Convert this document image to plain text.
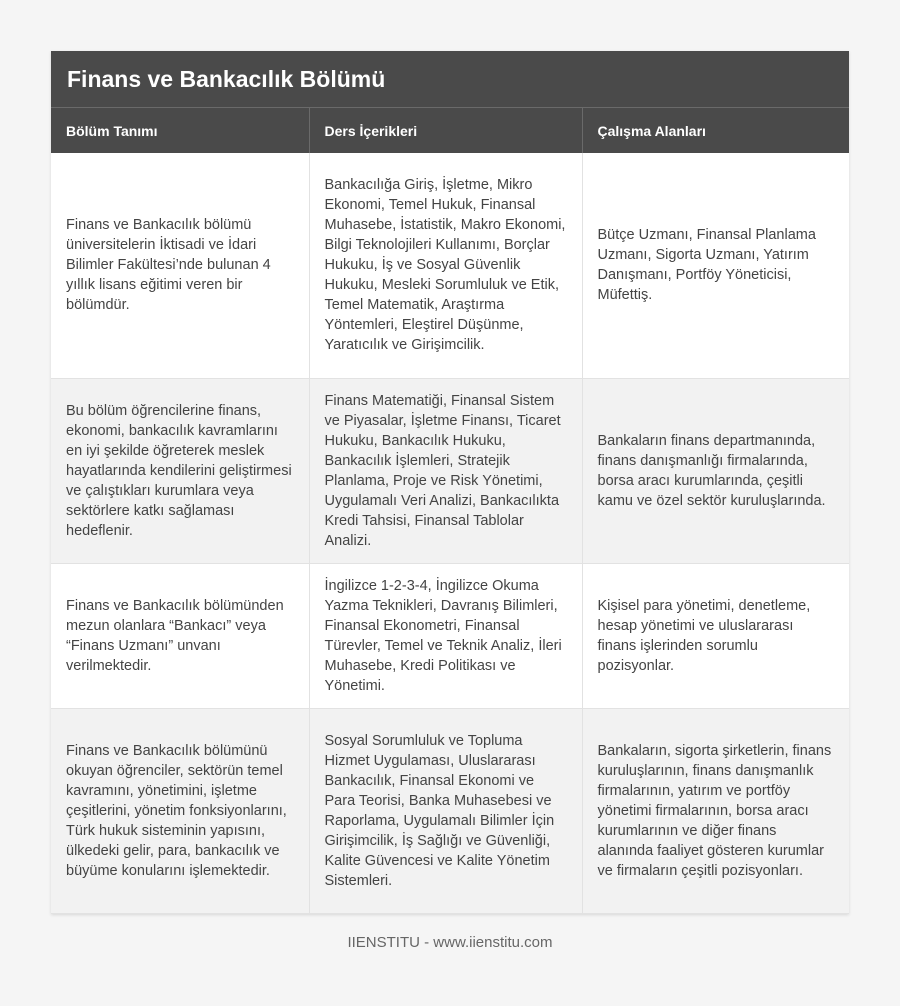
Finans ve Bankacılık Bölümü
Bölüm Tanımı	Ders İçerikleri	Çalışma Alanları
Finans ve Bankacılık bölümü üniversitelerin İktisadi ve İdari Bilimler Fakültesi’nde bulunan 4 yıllık lisans eğitimi veren bir bölümdür.	Bankacılığa Giriş, İşletme, Mikro Ekonomi, Temel Hukuk, Finansal Muhasebe, İstatistik, Makro Ekonomi, Bilgi Teknolojileri Kullanımı, Borçlar Hukuku, İş ve Sosyal Güvenlik Hukuku, Mesleki Sorumluluk ve Etik, Temel Matematik, Araştırma Yöntemleri, Eleştirel Düşünme, Yaratıcılık ve Girişimcilik.	Bütçe Uzmanı, Finansal Planlama Uzmanı, Sigorta Uzmanı, Yatırım Danışmanı, Portföy Yöneticisi, Müfettiş.
Bu bölüm öğrencilerine finans, ekonomi, bankacılık kavramlarını en iyi şekilde öğreterek meslek hayatlarında kendilerini geliştirmesi ve çalıştıkları kurumlara veya sektörlere katkı sağlaması hedeflenir.	Finans Matematiği, Finansal Sistem ve Piyasalar, İşletme Finansı, Ticaret Hukuku, Bankacılık Hukuku, Bankacılık İşlemleri, Stratejik Planlama, Proje ve Risk Yönetimi, Uygulamalı Veri Analizi, Bankacılıkta Kredi Tahsisi, Finansal Tablolar Analizi.	Bankaların finans departmanında, finans danışmanlığı firmalarında, borsa aracı kurumlarında, çeşitli kamu ve özel sektör kuruluşlarında.
Finans ve Bankacılık bölümünden mezun olanlara “Bankacı” veya “Finans Uzmanı” unvanı verilmektedir.	İngilizce 1-2-3-4, İngilizce Okuma Yazma Teknikleri, Davranış Bilimleri, Finansal Ekonometri, Finansal Türevler, Temel ve Teknik Analiz, İleri Muhasebe, Kredi Politikası ve Yönetimi.	Kişisel para yönetimi, denetleme, hesap yönetimi ve uluslararası finans işlerinden sorumlu pozisyonlar.
Finans ve Bankacılık bölümünü okuyan öğrenciler, sektörün temel kavramını, yönetimini, işletme çeşitlerini, yönetim fonksiyonlarını, Türk hukuk sisteminin yapısını, ülkedeki gelir, para, bankacılık ve büyüme konularını işlemektedir.	Sosyal Sorumluluk ve Topluma Hizmet Uygulaması, Uluslararası Bankacılık, Finansal Ekonomi ve Para Teorisi, Banka Muhasebesi ve Raporlama, Uygulamalı Bilimler İçin Girişimcilik, İş Sağlığı ve Güvenliği, Kalite Güvencesi ve Kalite Yönetim Sistemleri.	Bankaların, sigorta şirketlerin, finans kuruluşlarının, finans danışmanlık firmalarının, yatırım ve portföy yönetimi firmalarının, borsa aracı kurumlarının ve diğer finans alanında faaliyet gösteren kurumlar ve firmaların çeşitli pozisyonları.
IIENSTITU - www.iienstitu.com
